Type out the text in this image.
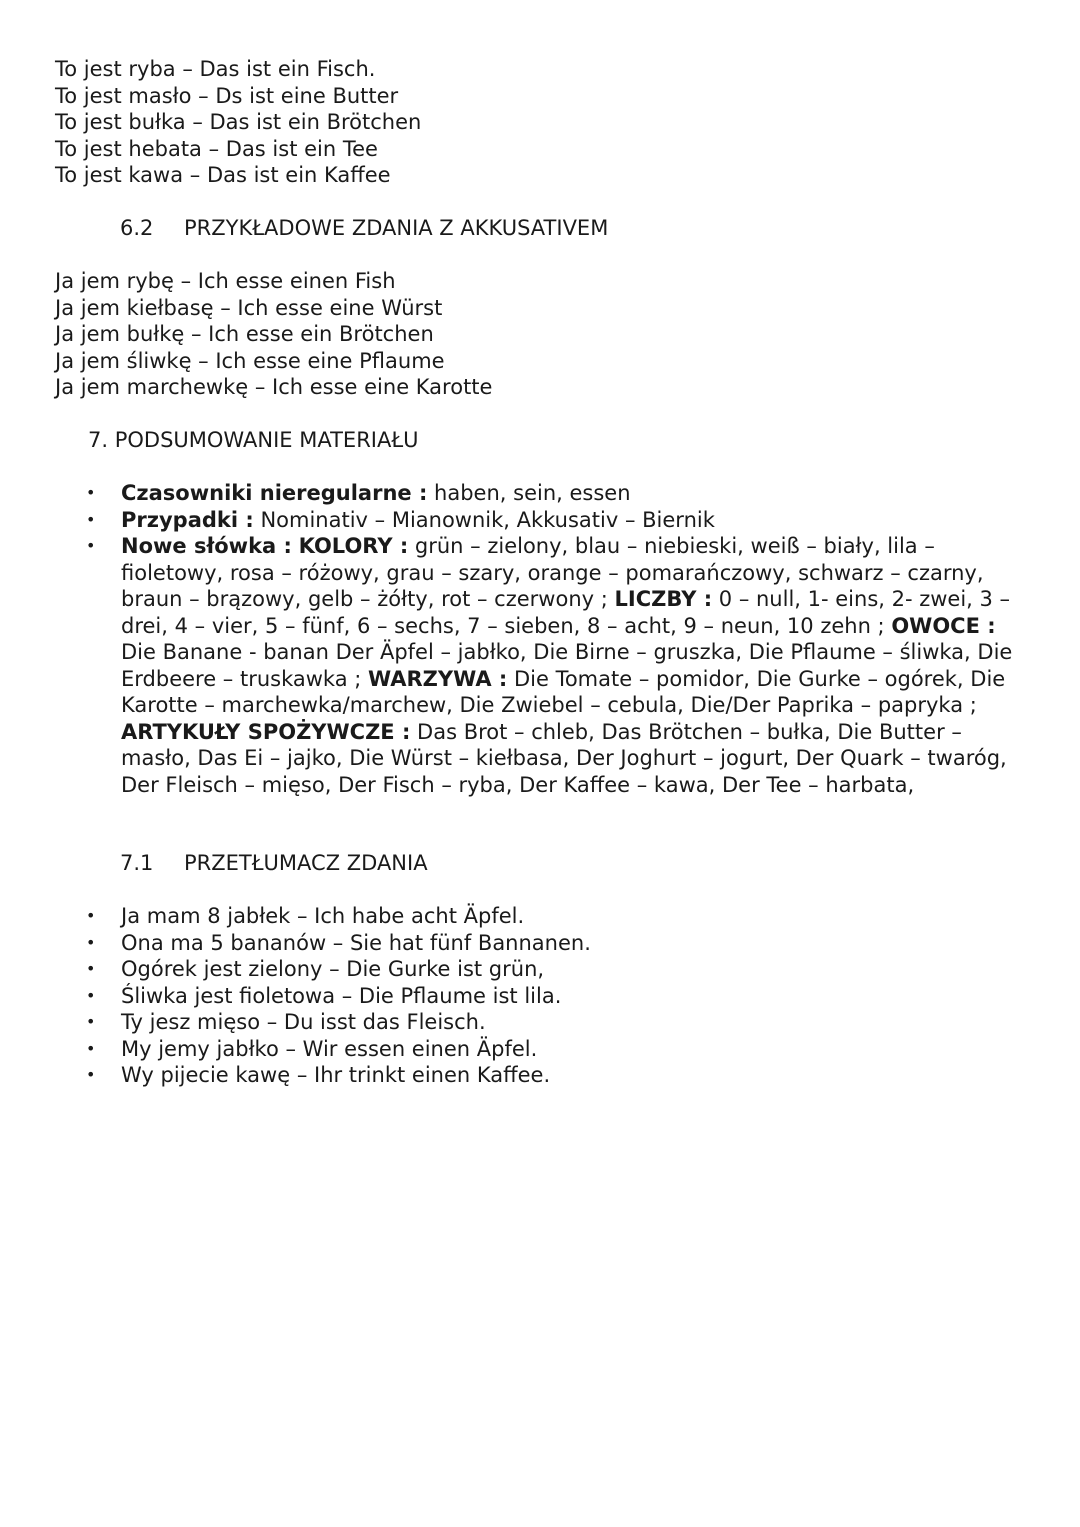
To jest ryba – Das ist ein Fisch.
To jest masło – Ds ist eine Butter
To jest bułka – Das ist ein Brötchen
To jest hebata – Das ist ein Tee
To jest kawa – Das ist ein Kaffee
6.2 PRZYKŁADOWE ZDANIA Z AKKUSATIVEM
Ja jem rybę – Ich esse einen Fish
Ja jem kiełbasę – Ich esse eine Würst
Ja jem bułkę – Ich esse ein Brötchen
Ja jem śliwkę – Ich esse eine Pflaume
Ja jem marchewkę – Ich esse eine Karotte
7. PODSUMOWANIE MATERIAŁU
• Czasowniki nieregularne : haben, sein, essen
• Przypadki : Nominativ – Mianownik, Akkusativ – Biernik
• Nowe słówka : KOLORY : grün – zielony, blau – niebieski, weiß – biały, lila – fioletowy, rosa – różowy, grau – szary, orange – pomarańczowy, schwarz – czarny, braun – brązowy, gelb – żółty, rot – czerwony ; LICZBY : 0 – null, 1- eins, 2- zwei, 3 – drei, 4 – vier, 5 – fünf, 6 – sechs, 7 – sieben, 8 – acht, 9 – neun, 10 zehn ; OWOCE : Die Banane - banan Der Äpfel – jabłko, Die Birne – gruszka, Die Pflaume – śliwka, Die Erdbeere – truskawka ; WARZYWA : Die Tomate – pomidor, Die Gurke – ogórek, Die Karotte – marchewka/marchew, Die Zwiebel – cebula, Die/Der Paprika – papryka ; ARTYKUŁY SPOŻYWCZE : Das Brot – chleb, Das Brötchen – bułka, Die Butter – masło, Das Ei – jajko, Die Würst – kiełbasa, Der Joghurt – jogurt, Der Quark – twaróg, Der Fleisch – mięso, Der Fisch – ryba, Der Kaffee – kawa, Der Tee – harbata,
7.1 PRZETŁUMACZ ZDANIA
• Ja mam 8 jabłek – Ich habe acht Äpfel.
• Ona ma 5 bananów – Sie hat fünf Bannanen.
• Ogórek jest zielony – Die Gurke ist grün,
• Śliwka jest fioletowa – Die Pflaume ist lila.
• Ty jesz mięso – Du isst das Fleisch.
• My jemy jabłko – Wir essen einen Äpfel.
• Wy pijecie kawę – Ihr trinkt einen Kaffee.
